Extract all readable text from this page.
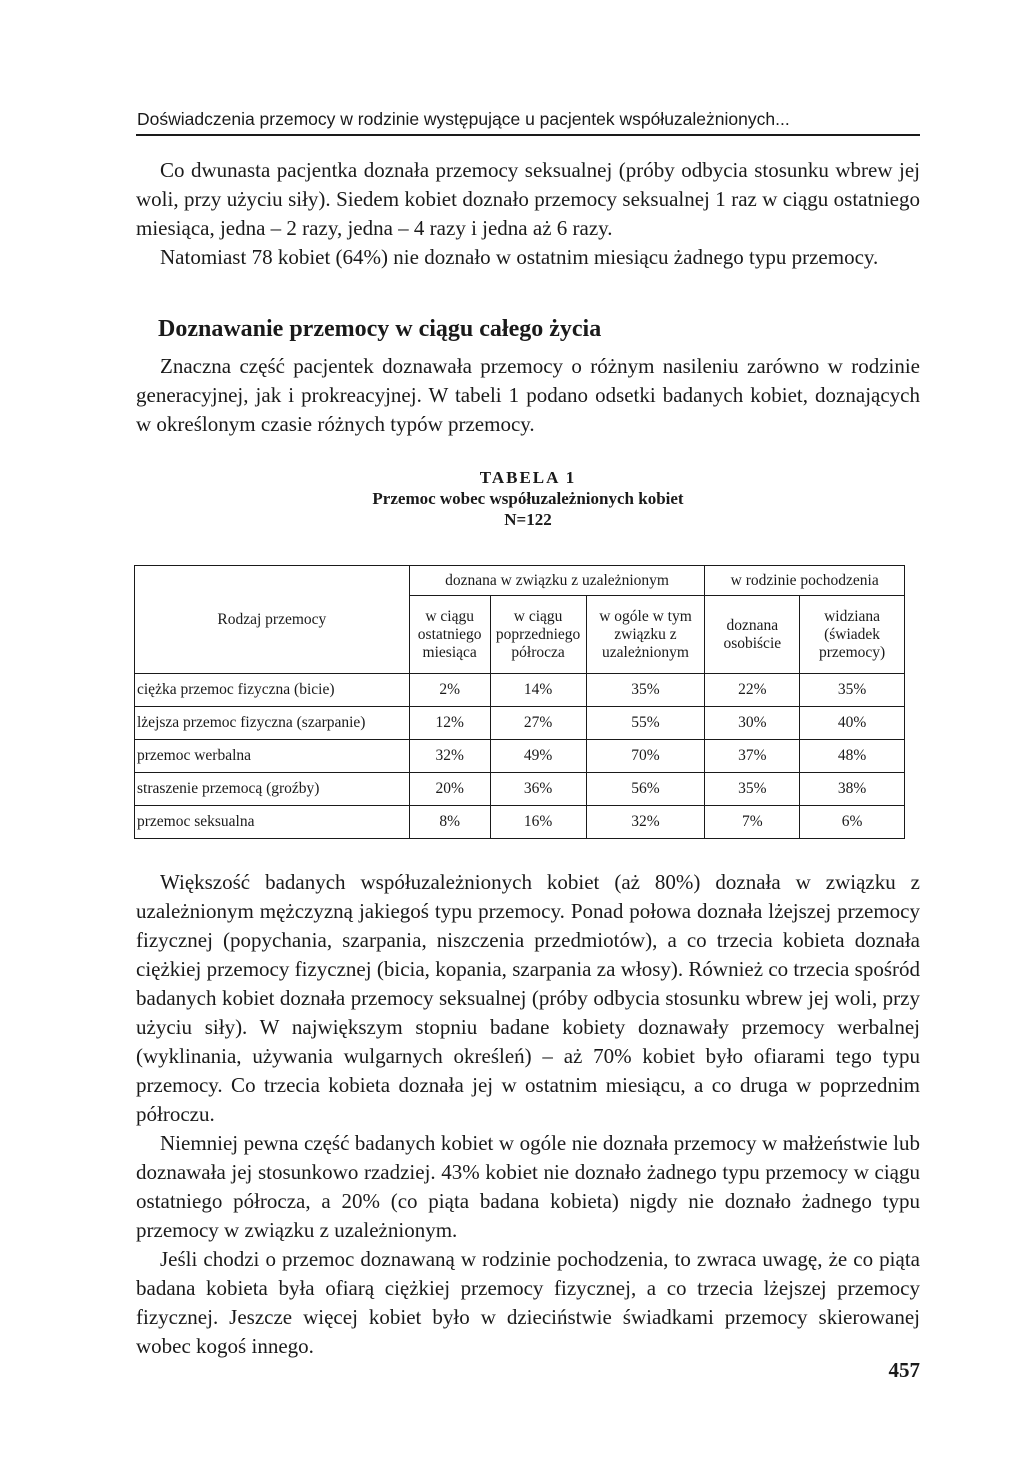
Doświadczenia przemocy w rodzinie występujące u pacjentek współuzależnionych...

Co dwunasta pacjentka doznała przemocy seksualnej (próby odbycia stosunku wbrew jej woli, przy użyciu siły). Siedem kobiet doznało przemocy seksualnej 1 raz w ciągu ostatniego miesiąca, jedna – 2 razy, jedna – 4 razy i jedna aż 6 razy.

Natomiast 78 kobiet (64%) nie doznało w ostatnim miesiącu żadnego typu przemocy.

Doznawanie przemocy w ciągu całego życia

Znaczna część pacjentek doznawała przemocy o różnym nasileniu zarówno w rodzinie generacyjnej, jak i prokreacyjnej. W tabeli 1 podano odsetki badanych kobiet, doznających w określonym czasie różnych typów przemocy.

TABELA 1
Przemoc wobec współuzależnionych kobiet
N=122
Rodzaj przemocy	doznana w związku z uzależnionym			w rodzinie pochodzenia	
	w ciągu ostatniego miesiąca	w ciągu poprzedniego półrocza	w ogóle w tym związku z uzależnionym	doznana osobiście	widziana (świadek przemocy)
ciężka przemoc fizyczna (bicie)	2%	14%	35%	22%	35%
lżejsza przemoc fizyczna (szarpanie)	12%	27%	55%	30%	40%
przemoc werbalna	32%	49%	70%	37%	48%
straszenie przemocą (groźby)	20%	36%	56%	35%	38%
przemoc seksualna	8%	16%	32%	7%	6%

Większość badanych współuzależnionych kobiet (aż 80%) doznała w związku z uzależnionym mężczyzną jakiegoś typu przemocy. Ponad połowa doznała lżejszej przemocy fizycznej (popychania, szarpania, niszczenia przedmiotów), a co trzecia kobieta doznała ciężkiej przemocy fizycznej (bicia, kopania, szarpania za włosy). Również co trzecia spośród badanych kobiet doznała przemocy seksualnej (próby odbycia stosunku wbrew jej woli, przy użyciu siły). W największym stopniu badane kobiety doznawały przemocy werbalnej (wyklinania, używania wulgarnych określeń) – aż 70% kobiet było ofiarami tego typu przemocy. Co trzecia kobieta doznała jej w ostatnim miesiącu, a co druga w poprzednim półroczu.

Niemniej pewna część badanych kobiet w ogóle nie doznała przemocy w małżeństwie lub doznawała jej stosunkowo rzadziej. 43% kobiet nie doznało żadnego typu przemocy w ciągu ostatniego półrocza, a 20% (co piąta badana kobieta) nigdy nie doznało żadnego typu przemocy w związku z uzależnionym.

Jeśli chodzi o przemoc doznawaną w rodzinie pochodzenia, to zwraca uwagę, że co piąta badana kobieta była ofiarą ciężkiej przemocy fizycznej, a co trzecia lżejszej przemocy fizycznej. Jeszcze więcej kobiet było w dzieciństwie świadkami przemocy skierowanej wobec kogoś innego.

457
